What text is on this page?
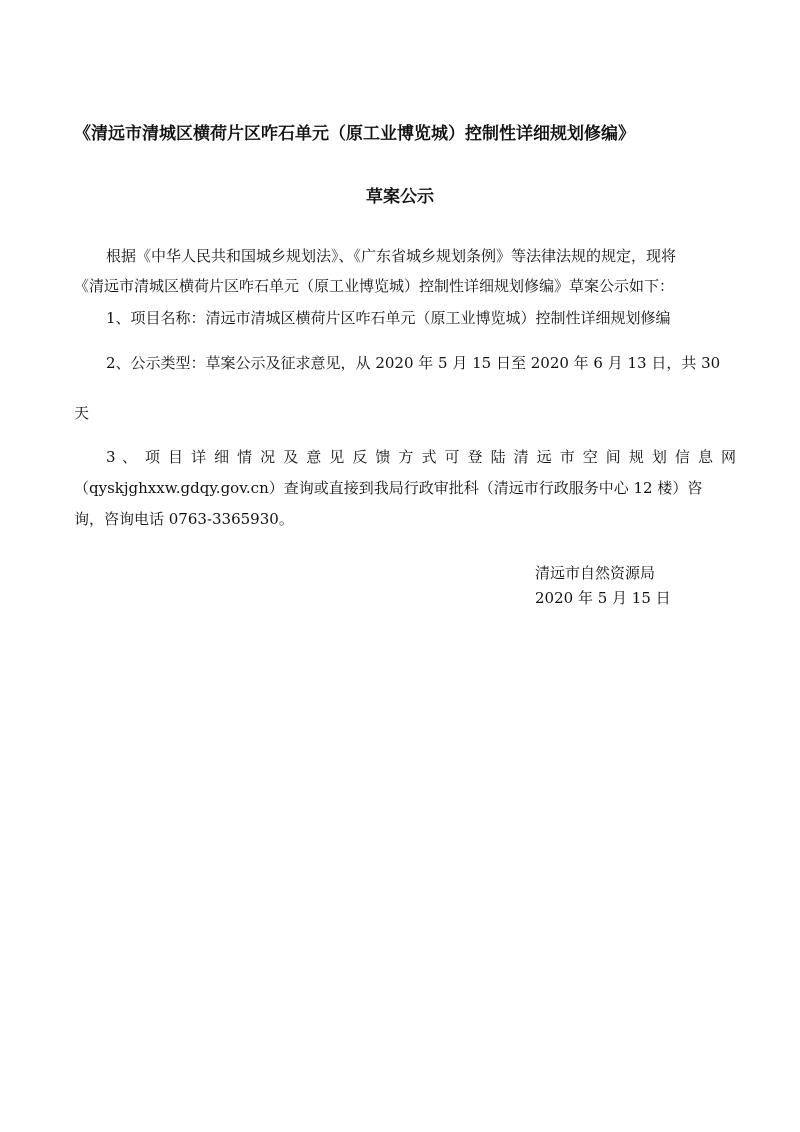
《清远市清城区横荷片区咋石单元（原工业博览城）控制性详细规划修编》
草案公示
根据《中华人民共和国城乡规划法》、《广东省城乡规划条例》等法律法规的规定，现将
《清远市清城区横荷片区咋石单元（原工业博览城）控制性详细规划修编》草案公示如下：
1、项目名称：清远市清城区横荷片区咋石单元（原工业博览城）控制性详细规划修编
2、公示类型：草案公示及征求意见，从 2020 年 5 月 15 日至 2020 年 6 月 13 日，共 30
天
3 、 项 目 详 细 情 况 及 意 见 反 馈 方 式 可 登 陆 清 远 市 空 间 规 划 信 息 网
（qyskjghxxw.gdqy.gov.cn）查询或直接到我局行政审批科（清远市行政服务中心 12 楼）咨
询，咨询电话 0763-3365930。
清远市自然资源局
2020 年 5 月 15 日
